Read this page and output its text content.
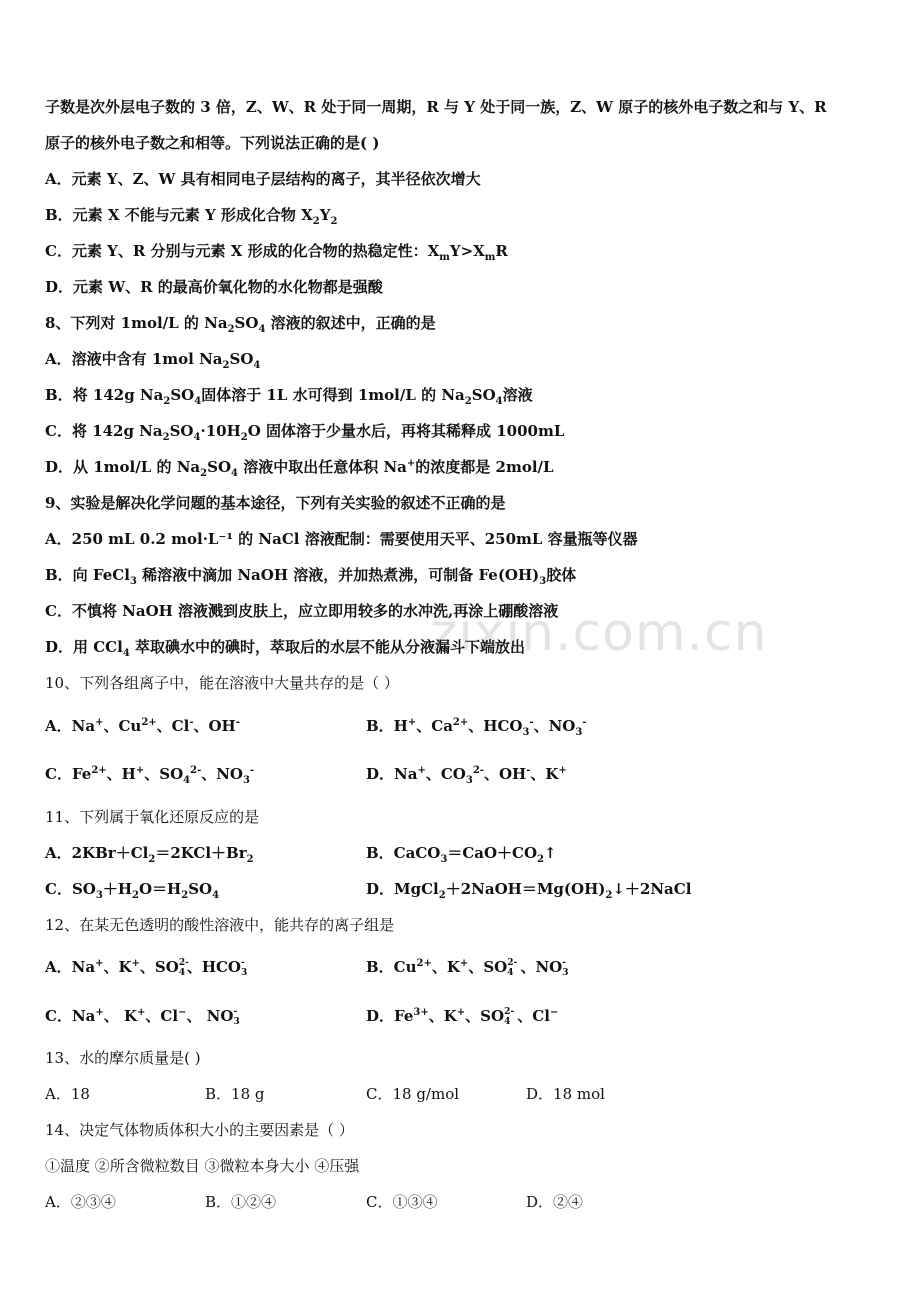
zixin.com.cn
子数是次外层电子数的 3 倍，Z、W、R 处于同一周期，R 与 Y 处于同一族，Z、W 原子的核外电子数之和与 Y、R
原子的核外电子数之和相等。下列说法正确的是( )
A．元素 Y、Z、W 具有相同电子层结构的离子，其半径依次增大
B．元素 X 不能与元素 Y 形成化合物 $X_2Y_2$
C．元素 Y、R 分别与元素 X 形成的化合物的热稳定性：$X_mY>X_mR$
D．元素 W、R 的最高价氧化物的水化物都是强酸
8、下列对 1mol/L 的 $Na_2SO_4$ 溶液的叙述中，正确的是
A．溶液中含有 1mol $Na_2SO_4$
B．将 142g $Na_2SO_4$固体溶于 1L 水可得到 1mol/L 的 $Na_2SO_4$溶液
C．将 142g $Na_2SO_4\cdot 10H_2O$ 固体溶于少量水后，再将其稀释成 1000mL
D．从 1mol/L 的 $Na_2SO_4$ 溶液中取出任意体积 Na+的浓度都是 2mol/L
9、实验是解决化学问题的基本途径，下列有关实验的叙述不正确的是
A．250 mL 0.2 mol·L⁻¹ 的 NaCl 溶液配制：需要使用天平、250mL 容量瓶等仪器
B．向 FeCl$_3$ 稀溶液中滴加 NaOH 溶液，并加热煮沸，可制备 $Fe(OH)_3$胶体
C．不慎将 NaOH 溶液溅到皮肤上，应立即用较多的水冲洗,再涂上硼酸溶液
D．用 CCl$_4$ 萃取碘水中的碘时，萃取后的水层不能从分液漏斗下端放出
10、下列各组离子中，能在溶液中大量共存的是（ ）
A．Na+、$Cu^{2+}$、Cl-、OH-	B．H+、$Ca^{2+}$、$HCO_3^-$、$NO_3^-$
C．$Fe^{2+}$、H+、$SO_4^{2-}$、$NO_3^-$	D．Na+、$CO_3^{2-}$、OH-、K+
11、下列属于氧化还原反应的是
A．$2KBr+Cl_2=2KCl+Br_2$	B．$CaCO_3=CaO+CO_2↑$
C．$SO_3+H_2O=H_2SO_4$	D．$MgCl_2+2NaOH=Mg(OH)_2↓+2NaCl$
12、在某无色透明的酸性溶液中，能共存的离子组是
A．Na+、K+、SO 2-
4 、HCO -
3	B．$Cu^{2+}$、K+、SO 2-
4 、NO -
3
C．Na+、 K+、Cl−、 NO -
3	D．$Fe^{3+}$、K+、SO 2-
4 、Cl−
13、水的摩尔质量是( )
A．18	B．18 g	C．18 g/mol	D．18 mol
14、决定气体物质体积大小的主要因素是（ ）
①温度 ②所含微粒数目 ③微粒本身大小 ④压强
A．②③④	B．①②④	C．①③④	D．②④
